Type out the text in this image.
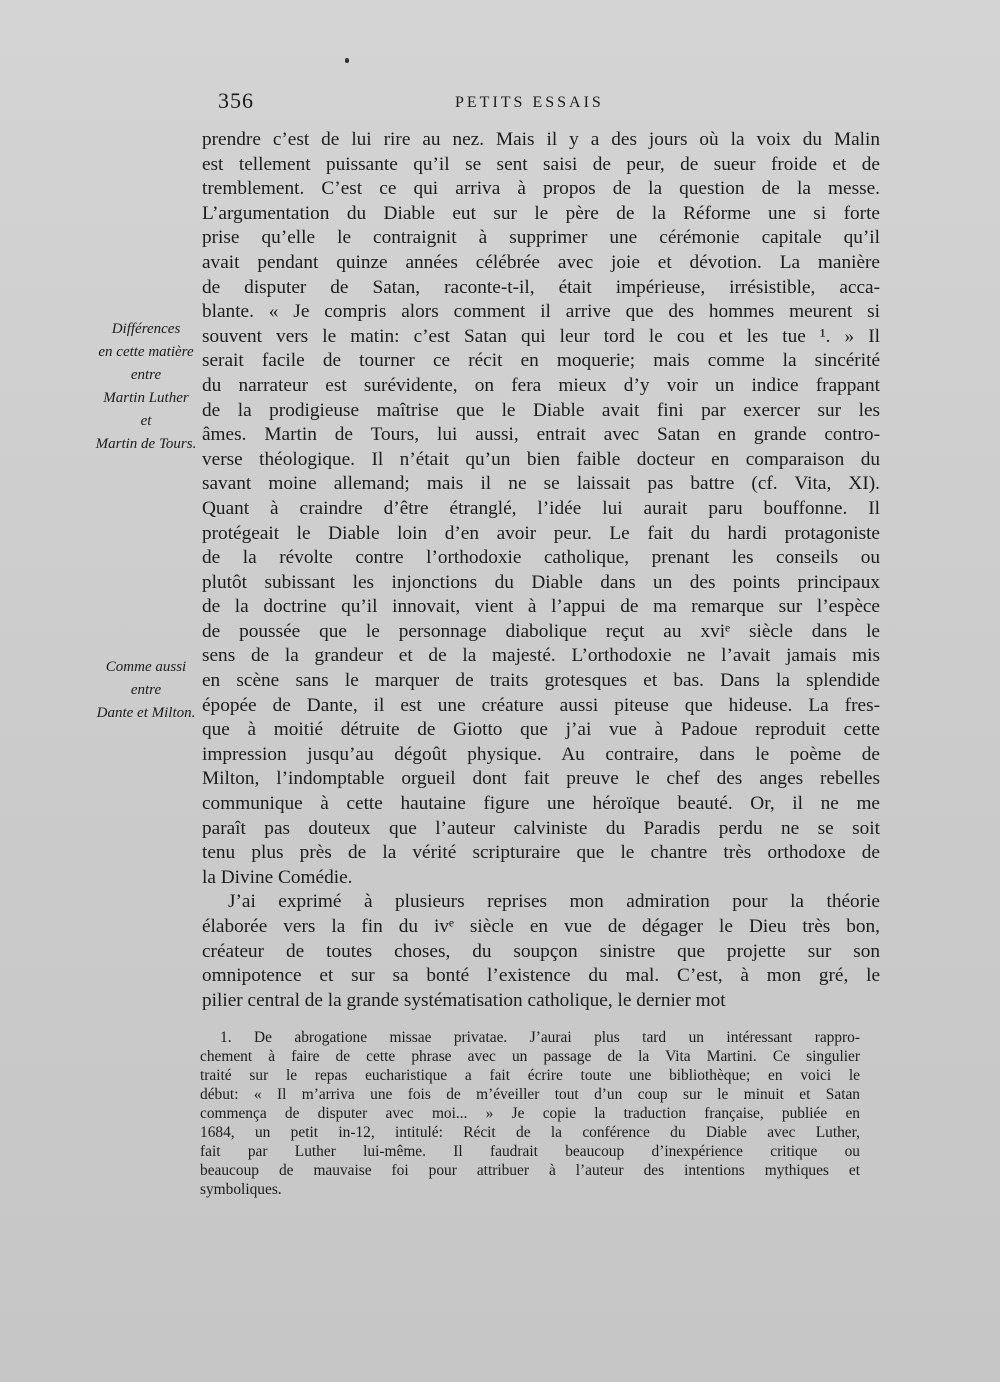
356	PETITS ESSAIS
Différences
en cette matière
entre
Martin Luther
et
Martin de Tours.
Comme aussi
entre
Dante et Milton.
prendre c’est de lui rire au nez. Mais il y a des jours où la voix du Malin
est tellement puissante qu’il se sent saisi de peur, de sueur froide et de
tremblement. C’est ce qui arriva à propos de la question de la messe.
L’argumentation du Diable eut sur le père de la Réforme une si forte
prise qu’elle le contraignit à supprimer une cérémonie capitale qu’il
avait pendant quinze années célébrée avec joie et dévotion. La manière
de disputer de Satan, raconte-t-il, était impérieuse, irrésistible, acca-
blante. « Je compris alors comment il arrive que des hommes meurent si
souvent vers le matin: c’est Satan qui leur tord le cou et les tue ¹. » Il
serait facile de tourner ce récit en moquerie; mais comme la sincérité
du narrateur est surévidente, on fera mieux d’y voir un indice frappant
de la prodigieuse maîtrise que le Diable avait fini par exercer sur les
âmes. Martin de Tours, lui aussi, entrait avec Satan en grande contro-
verse théologique. Il n’était qu’un bien faible docteur en comparaison du
savant moine allemand; mais il ne se laissait pas battre (cf. Vita, XI).
Quant à craindre d’être étranglé, l’idée lui aurait paru bouffonne. Il
protégeait le Diable loin d’en avoir peur. Le fait du hardi protagoniste
de la révolte contre l’orthodoxie catholique, prenant les conseils ou
plutôt subissant les injonctions du Diable dans un des points principaux
de la doctrine qu’il innovait, vient à l’appui de ma remarque sur l’espèce
de poussée que le personnage diabolique reçut au xviᵉ siècle dans le
sens de la grandeur et de la majesté. L’orthodoxie ne l’avait jamais mis
en scène sans le marquer de traits grotesques et bas. Dans la splendide
épopée de Dante, il est une créature aussi piteuse que hideuse. La fres-
que à moitié détruite de Giotto que j’ai vue à Padoue reproduit cette
impression jusqu’au dégoût physique. Au contraire, dans le poème de
Milton, l’indomptable orgueil dont fait preuve le chef des anges rebelles
communique à cette hautaine figure une héroïque beauté. Or, il ne me
paraît pas douteux que l’auteur calviniste du Paradis perdu ne se soit
tenu plus près de la vérité scripturaire que le chantre très orthodoxe de
la Divine Comédie.
J’ai exprimé à plusieurs reprises mon admiration pour la théorie
élaborée vers la fin du ivᵉ siècle en vue de dégager le Dieu très bon,
créateur de toutes choses, du soupçon sinistre que projette sur son
omnipotence et sur sa bonté l’existence du mal. C’est, à mon gré, le
pilier central de la grande systématisation catholique, le dernier mot
1. De abrogatione missae privatae. J’aurai plus tard un intéressant rappro-
chement à faire de cette phrase avec un passage de la Vita Martini. Ce singulier
traité sur le repas eucharistique a fait écrire toute une bibliothèque; en voici le
début: « Il m’arriva une fois de m’éveiller tout d’un coup sur le minuit et Satan
commença de disputer avec moi... » Je copie la traduction française, publiée en
1684, un petit in-12, intitulé: Récit de la conférence du Diable avec Luther,
fait par Luther lui-même. Il faudrait beaucoup d’inexpérience critique ou
beaucoup de mauvaise foi pour attribuer à l’auteur des intentions mythiques et
symboliques.
